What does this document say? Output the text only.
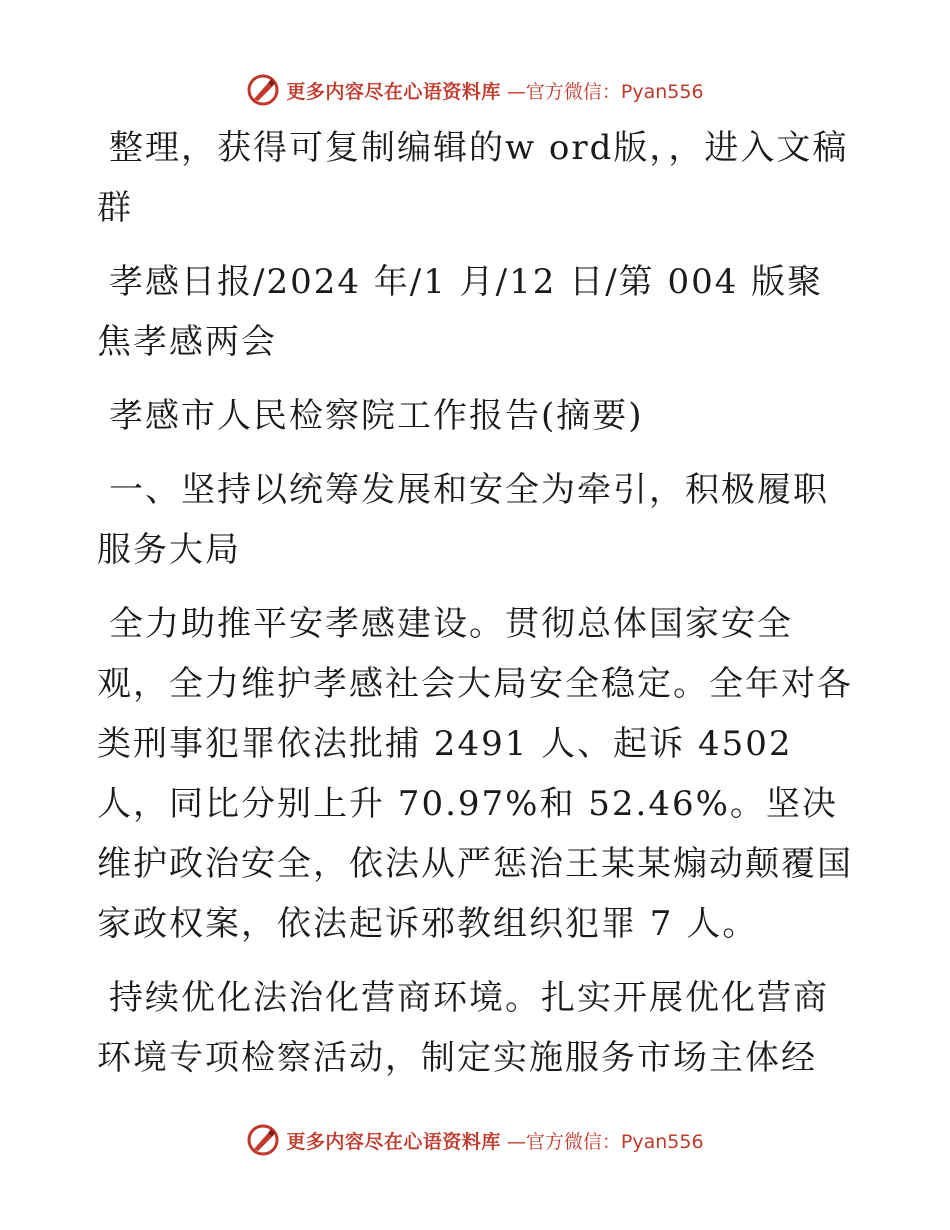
更多内容尽在心语资料库 —官方微信：Pyan556

整理，获得可复制编辑的w ord版，，进入文稿群

孝感日报/2024 年/1 月/12 日/第 004 版聚焦孝感两会

孝感市人民检察院工作报告(摘要)

一、坚持以统筹发展和安全为牵引，积极履职服务大局

全力助推平安孝感建设。贯彻总体国家安全观，全力维护孝感社会大局安全稳定。全年对各类刑事犯罪依法批捕 2491 人、起诉 4502 人，同比分别上升 70.97%和 52.46%。坚决维护政治安全，依法从严惩治王某某煽动颠覆国家政权案，依法起诉邪教组织犯罪 7 人。

持续优化法治化营商环境。扎实开展优化营商环境专项检察活动，制定实施服务市场主体经

更多内容尽在心语资料库 —官方微信：Pyan556
